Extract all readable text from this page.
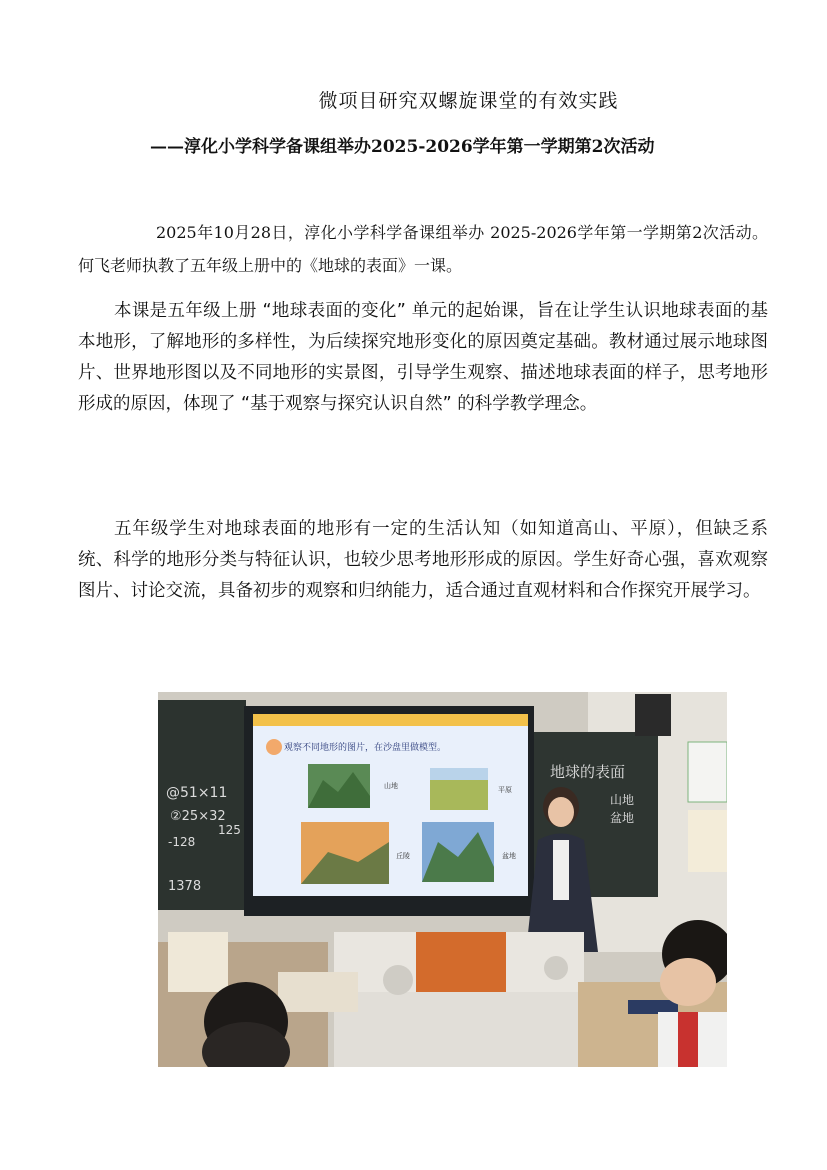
微项目研究双螺旋课堂的有效实践
——淳化小学科学备课组举办2025-2026学年第一学期第2次活动

2025年10月28日，淳化小学科学备课组举办 2025-2026学年第一学期第2次活动。何飞老师执教了五年级上册中的《地球的表面》一课。

本课是五年级上册 “地球表面的变化” 单元的起始课，旨在让学生认识地球表面的基本地形，了解地形的多样性，为后续探究地形变化的原因奠定基础。教材通过展示地球图片、世界地形图以及不同地形的实景图，引导学生观察、描述地球表面的样子，思考地形形成的原因，体现了 “基于观察与探究认识自然” 的科学教学理念。

五年级学生对地球表面的地形有一定的生活认知（如知道高山、平原），但缺乏系统、科学的地形分类与特征认识，也较少思考地形形成的原因。学生好奇心强，喜欢观察图片、讨论交流，具备初步的观察和归纳能力，适合通过直观材料和合作探究开展学习。

@51×11
②25×32
125
-128
1378
地球的表面
山地
盆地
观察不同地形的图片，在沙盘里做模型。
山地	平原
丘陵	盆地
